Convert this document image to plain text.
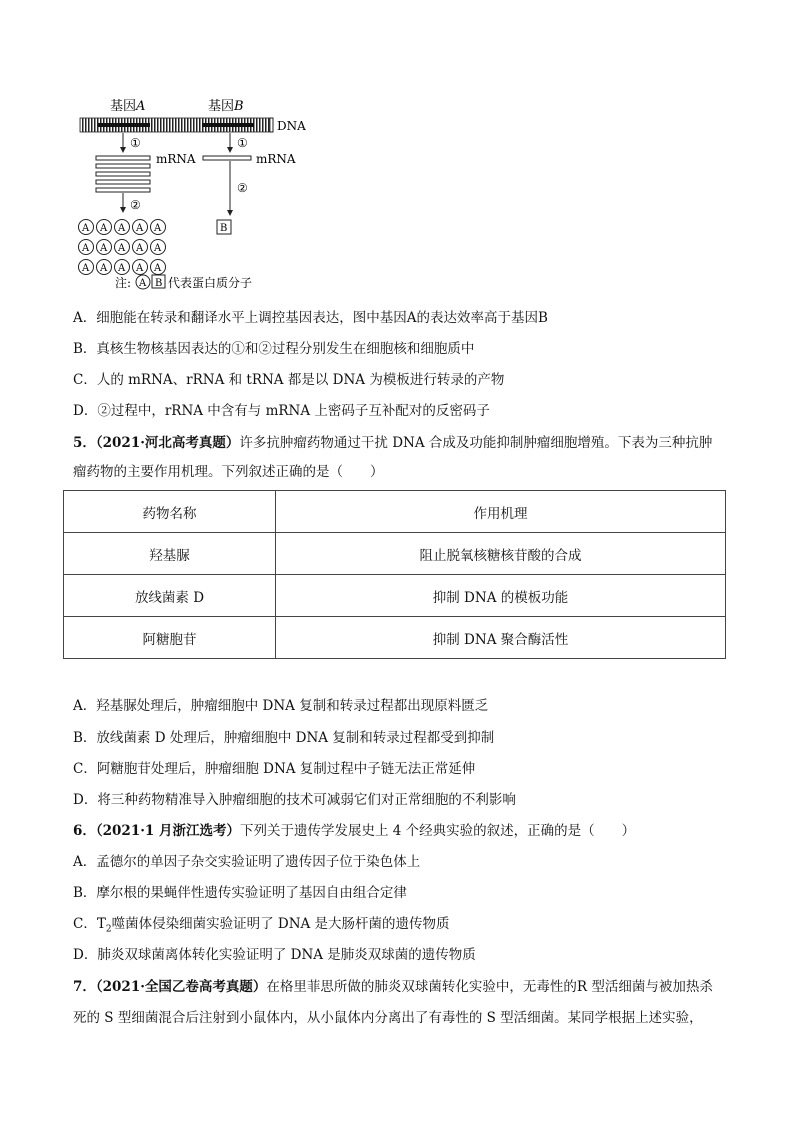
基因A	基因B
DNA
①	①
mRNA	mRNA
②
②
A A A A A
A A A A A
A A A A A
B
注: A B 代表蛋白质分子

A．细胞能在转录和翻译水平上调控基因表达，图中基因A的表达效率高于基因B

B．真核生物核基因表达的①和②过程分别发生在细胞核和细胞质中

C．人的 mRNA、rRNA 和 tRNA 都是以 DNA 为模板进行转录的产物

D．②过程中，rRNA 中含有与 mRNA 上密码子互补配对的反密码子

5．（2021·河北高考真题）许多抗肿瘤药物通过干扰 DNA 合成及功能抑制肿瘤细胞增殖。下表为三种抗肿

瘤药物的主要作用机理。下列叙述正确的是（　　）

药物名称	作用机理
羟基脲	阻止脱氧核糖核苷酸的合成
放线菌素 D	抑制 DNA 的模板功能
阿糖胞苷	抑制 DNA 聚合酶活性

A．羟基脲处理后，肿瘤细胞中 DNA 复制和转录过程都出现原料匮乏

B．放线菌素 D 处理后，肿瘤细胞中 DNA 复制和转录过程都受到抑制

C．阿糖胞苷处理后，肿瘤细胞 DNA 复制过程中子链无法正常延伸

D．将三种药物精准导入肿瘤细胞的技术可减弱它们对正常细胞的不利影响

6．（2021·1 月浙江选考）下列关于遗传学发展史上 4 个经典实验的叙述，正确的是（　　）

A．孟德尔的单因子杂交实验证明了遗传因子位于染色体上

B．摩尔根的果蝇伴性遗传实验证明了基因自由组合定律

C．$T_2$噬菌体侵染细菌实验证明了 DNA 是大肠杆菌的遗传物质

D．肺炎双球菌离体转化实验证明了 DNA 是肺炎双球菌的遗传物质

7．（2021·全国乙卷高考真题）在格里菲思所做的肺炎双球菌转化实验中，无毒性的R 型活细菌与被加热杀

死的 S 型细菌混合后注射到小鼠体内，从小鼠体内分离出了有毒性的 S 型活细菌。某同学根据上述实验，
